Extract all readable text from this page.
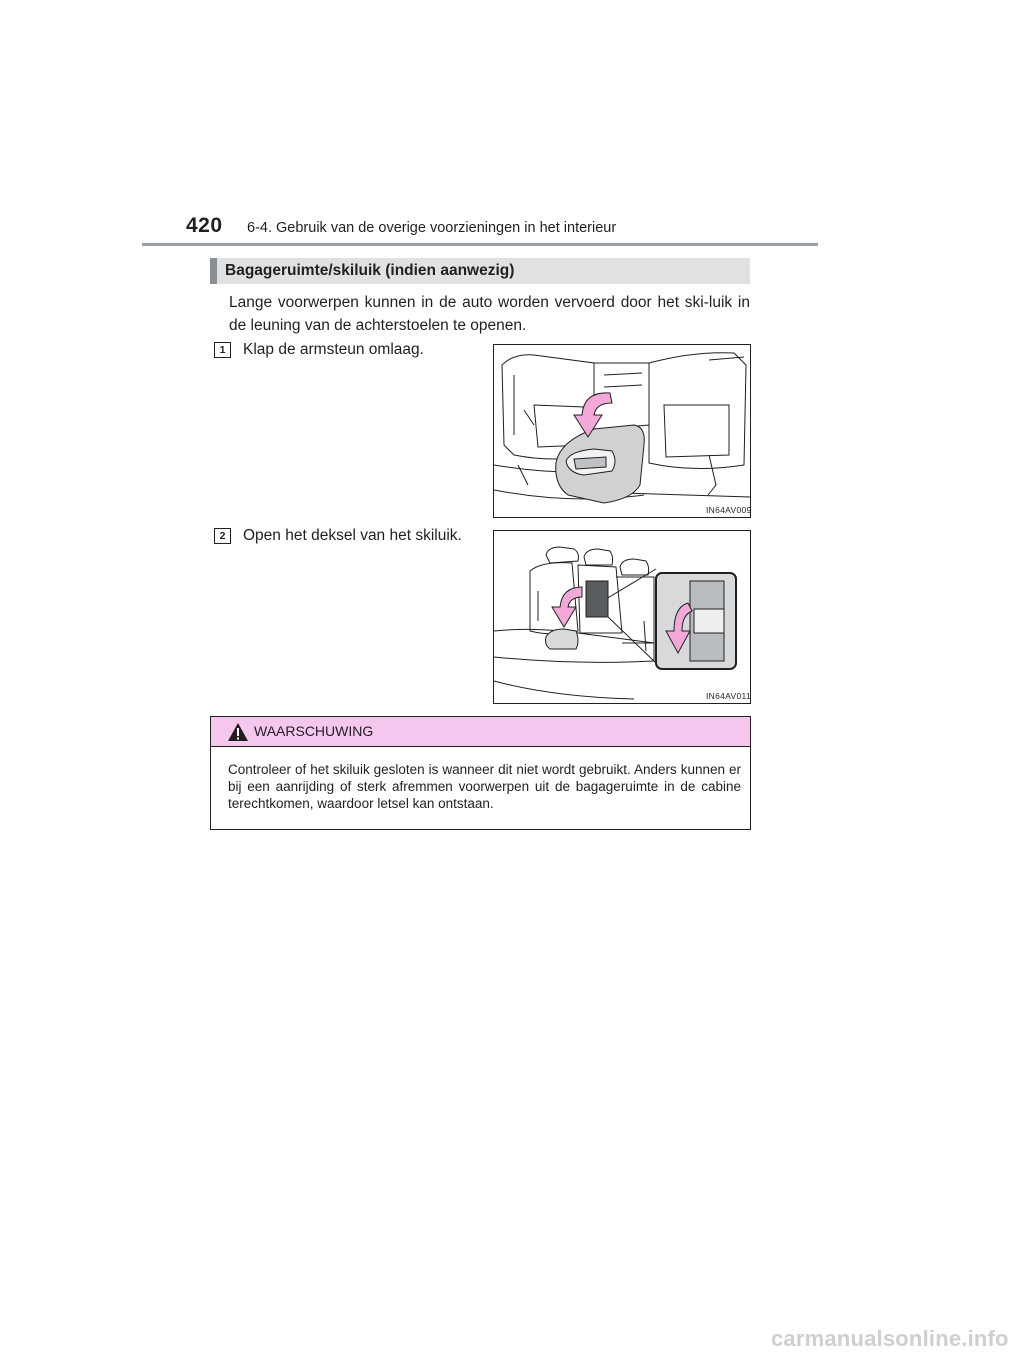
420 6-4. Gebruik van de overige voorzieningen in het interieur
Bagageruimte/skiluik (indien aanwezig)
Lange voorwerpen kunnen in de auto worden vervoerd door het ski-luik in de leuning van de achterstoelen te openen.
1	Klap de armsteun omlaag.
IN64AV009
2	Open het deksel van het skiluik.
IN64AV011
WAARSCHUWING
Controleer of het skiluik gesloten is wanneer dit niet wordt gebruikt. Anders kunnen er bij een aanrijding of sterk afremmen voorwerpen uit de bagageruimte in de cabine terechtkomen, waardoor letsel kan ontstaan.
carmanualsonline.info
